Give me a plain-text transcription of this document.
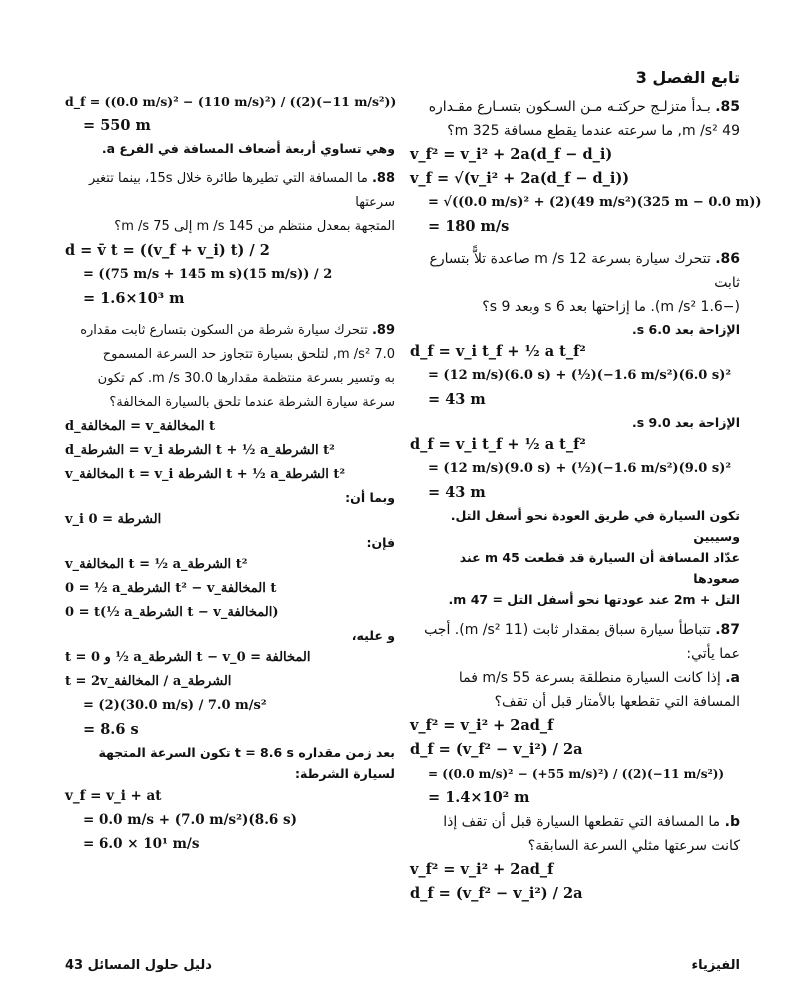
تابع الفصل 3
85. بـدأ متزلـج حركتـه مـن السـكون بتسـارع مقـداره
49 m /s², ما سرعته عندما يقطع مسافة 325 m؟
v_f² = v_i² + 2a(d_f − d_i)
v_f = √(v_i² + 2a(d_f − d_i))
= √((0.0 m/s)² + (2)(49 m/s²)(325 m − 0.0 m))
= 180 m/s
86. تتحرك سيارة بسرعة 12 m /s صاعدة تلاًّ بتسارع ثابت
(−1.6 m /s²). ما إزاحتها بعد 6 s وبعد 9 s؟
الإزاحة بعد 6.0 s.
d_f = v_i t_f + ½ a t_f²
= (12 m/s)(6.0 s) + (½)(−1.6 m/s²)(6.0 s)²
= 43 m
الإزاحة بعد 9.0 s.
d_f = v_i t_f + ½ a t_f²
= (12 m/s)(9.0 s) + (½)(−1.6 m/s²)(9.0 s)²
= 43 m
تكون السيارة في طريق العودة نحو أسفل التل. وسيبين
عدّاد المسافة أن السيارة قد قطعت 45 m عند صعودها
التل + 2m عند عودتها نحو أسفل التل = 47 m.
87. تتباطأ سيارة سباق بمقدار ثابت (11 m /s²). أجب
عما يأتي:
a. إذا كانت السيارة منطلقة بسرعة 55 m/s فما
المسافة التي تقطعها بالأمتار قبل أن تقف؟
v_f² = v_i² + 2ad_f
d_f = (v_f² − v_i²) / 2a
= ((0.0 m/s)² − (+55 m/s)²) / ((2)(−11 m/s²))
= 1.4×10² m
b. ما المسافة التي تقطعها السيارة قبل أن تقف إذا
كانت سرعتها مثلي السرعة السابقة؟
v_f² = v_i² + 2ad_f
d_f = (v_f² − v_i²) / 2a
d_f = ((0.0 m/s)² − (110 m/s)²) / ((2)(−11 m/s²))
= 550 m
وهي تساوي أربعة أضعاف المسافة في الفرع a.
88. ما المسافة التي تطيرها طائرة خلال 15s، بينما تتغير سرعتها
المتجهة بمعدل منتظم من 145 m /s إلى 75 m /s؟
d = v̄ t = ((v_f + v_i) t) / 2
= ((75 m/s + 145 m s)(15 m/s)) / 2
= 1.6×10³ m
89. تتحرك سيارة شرطة من السكون بتسارع ثابت مقداره
7.0 m /s², لتلحق بسيارة تتجاوز حد السرعة المسموح
به وتسير بسرعة منتظمة مقدارها 30.0 m /s. كم تكون
سرعة سيارة الشرطة عندما تلحق بالسيارة المخالفة؟
d_المخالفة = v_المخالفة t
d_الشرطة = v_i الشرطة t + ½ a_الشرطة t²
v_المخالفة t = v_i الشرطة t + ½ a_الشرطة t²
وبما أن:
v_i الشرطة = 0
فإن:
v_المخالفة t = ½ a_الشرطة t²
0 = ½ a_الشرطة t² − v_المخالفة t
0 = t(½ a_الشرطة t − v_المخالفة)
و عليه،
t = 0 و ½ a_الشرطة t − v_المخالفة = 0
t = 2v_المخالفة / a_الشرطة
= (2)(30.0 m/s) / 7.0 m/s²
= 8.6 s
بعد زمن مقداره t = 8.6 s تكون السرعة المتجهة
لسيارة الشرطة:
v_f = v_i + at
= 0.0 m/s + (7.0 m/s²)(8.6 s)
= 6.0 × 10¹ m/s
دليل حلول المسائل 43	الفيزياء
